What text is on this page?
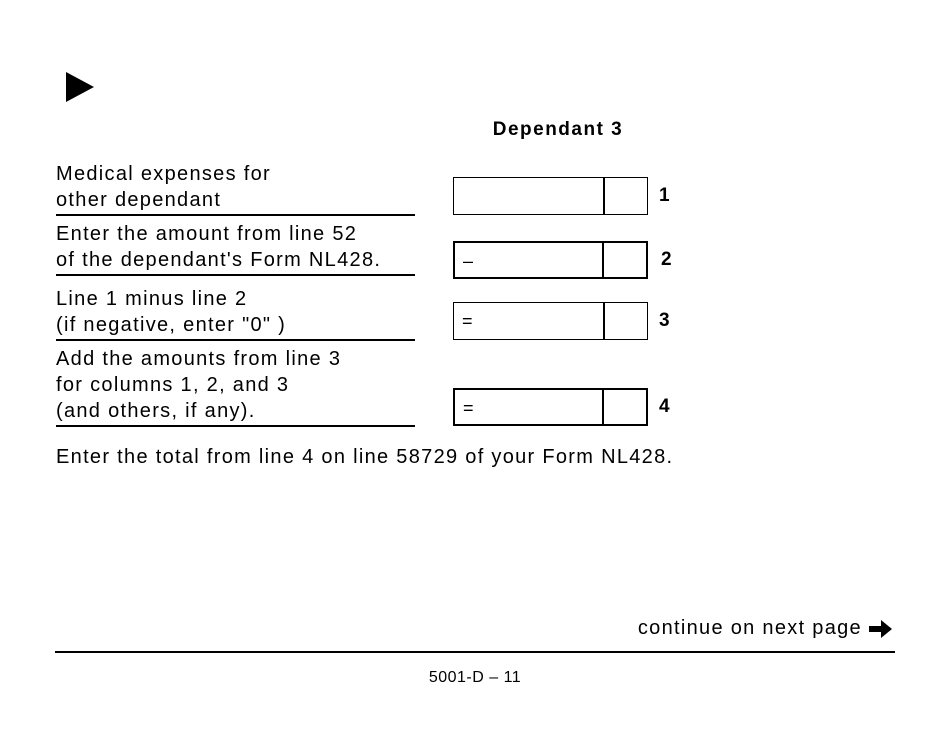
Dependant 3
Medical expenses for
other dependant	1
Enter the amount from line 52
of the dependant's Form NL428.	–	2
Line 1 minus line 2
(if negative, enter "0" )	=	3
Add the amounts from line 3
for columns 1, 2, and 3
(and others, if any).	=	4
Enter the total from line 4 on line 58729 of your Form NL428.
continue on next page
5001-D – 11
